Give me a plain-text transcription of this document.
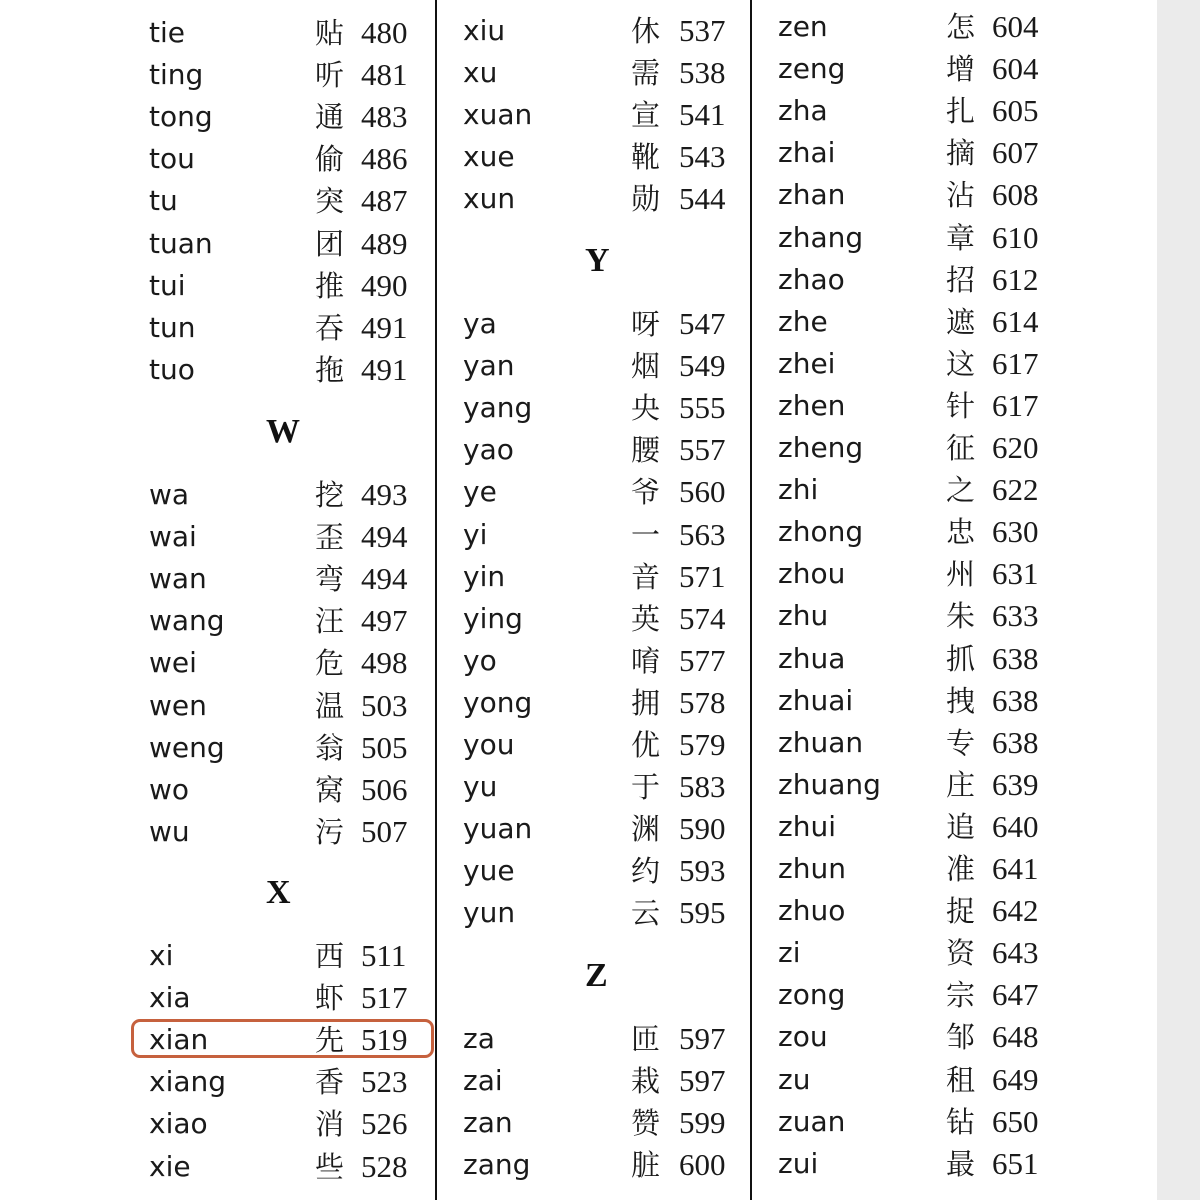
tie	贴 480
ting	听 481
tong	通 483
tou	偷 486
tu	突 487
tuan	团 489
tui	推 490
tun	吞 491
tuo	拖 491
W
wa	挖 493
wai	歪 494
wan	弯 494
wang	汪 497
wei	危 498
wen	温 503
weng	翁 505
wo	窝 506
wu	污 507
X
xi	西 511
xia	虾 517
xian	先 519
xiang	香 523
xiao	消 526
xie	些 528
xiu	休 537
xu	需 538
xuan	宣 541
xue	靴 543
xun	勋 544
Y
ya	呀 547
yan	烟 549
yang	央 555
yao	腰 557
ye	爷 560
yi	一 563
yin	音 571
ying	英 574
yo	唷 577
yong	拥 578
you	优 579
yu	于 583
yuan	渊 590
yue	约 593
yun	云 595
Z
za	匝 597
zai	栽 597
zan	赞 599
zang	脏 600
zen	怎 604
zeng	增 604
zha	扎 605
zhai	摘 607
zhan	沾 608
zhang	章 610
zhao	招 612
zhe	遮 614
zhei	这 617
zhen	针 617
zheng	征 620
zhi	之 622
zhong	忠 630
zhou	州 631
zhu	朱 633
zhua	抓 638
zhuai	拽 638
zhuan	专 638
zhuang 庄 639
zhui	追 640
zhun	准 641
zhuo	捉 642
zi	资 643
zong	宗 647
zou	邹 648
zu	租 649
zuan	钻 650
zui	最 651
